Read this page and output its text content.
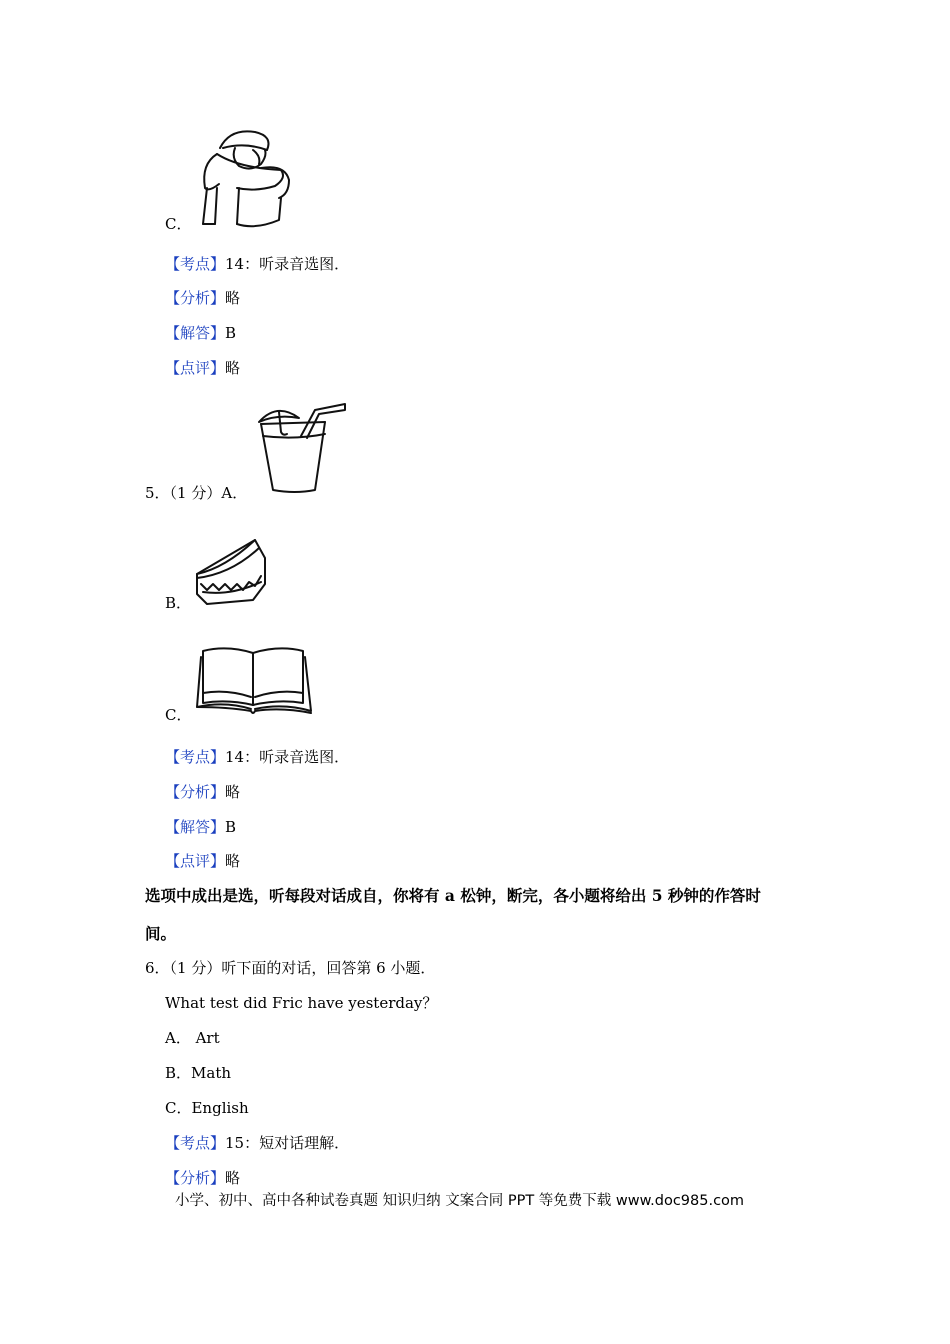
C．
【考点】14：听录音选图．
【分析】略
【解答】B
【点评】略
5．（1 分）A．
B．
C．
【考点】14：听录音选图．
【分析】略
【解答】B
【点评】略
选项中成出是选，听每段对话成自，你将有 a 松钟，断完，各小题将给出 5 秒钟的作答时
间。
6．（1 分）听下面的对话，回答第 6 小题．
What test did Fric have yesterday？
A． Art
B．Math
C．English
【考点】15：短对话理解．
【分析】略
小学、初中、高中各种试卷真题 知识归纳 文案合同 PPT 等免费下载 www.doc985.com
